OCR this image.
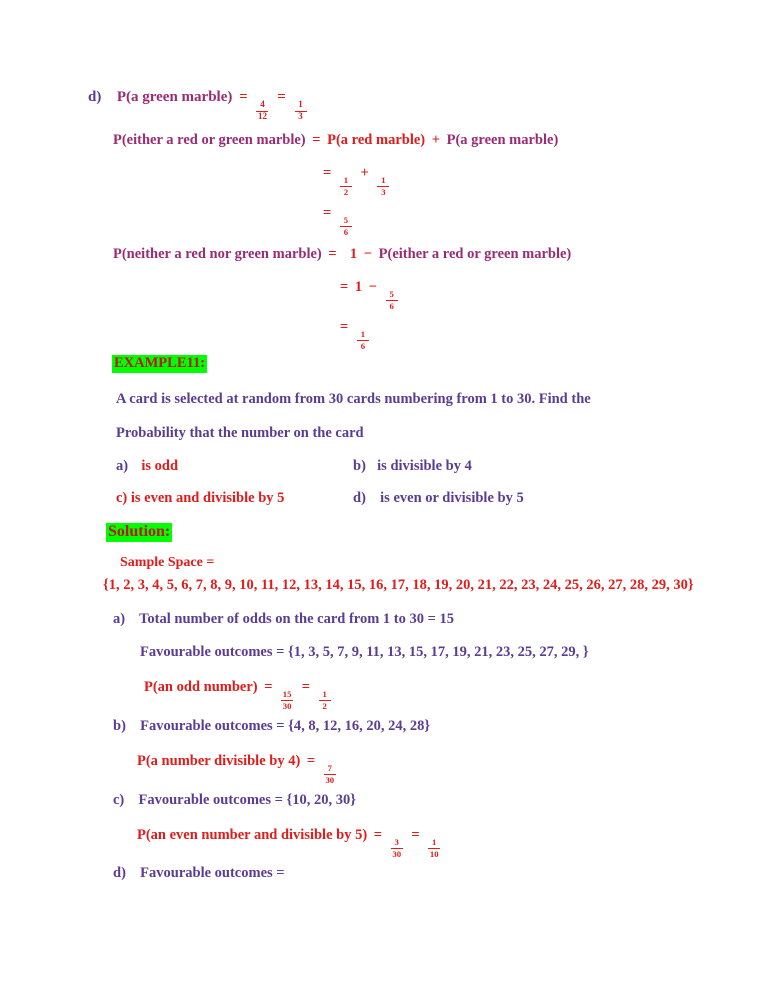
d) P(a green marble) =
$\frac{4}{12}$
=
$\frac{1}{3}$
P(either a red or green marble) = P(a red marble) + P(a green marble)
=
$\frac{1}{2}$
+
$\frac{1}{3}$
=
$\frac{5}{6}$
P(neither a red nor green marble) = 1 − P(either a red or green marble)
= 1 −
$\frac{5}{6}$
=
$\frac{1}{6}$
EXAMPLE11:
A card is selected at random from 30 cards numbering from 1 to 30. Find the
Probability that the number on the card
a) is odd	b) is divisible by 4
c) is even and divisible by 5	d) is even or divisible by 5
Solution:
Sample Space =
{1, 2, 3, 4, 5, 6, 7, 8, 9, 10, 11, 12, 13, 14, 15, 16, 17, 18, 19, 20, 21, 22, 23, 24, 25, 26, 27, 28, 29, 30}
a) Total number of odds on the card from 1 to 30 = 15
Favourable outcomes = {1, 3, 5, 7, 9, 11, 13, 15, 17, 19, 21, 23, 25, 27, 29, }
P(an odd number) =
$\frac{15}{30}$
=
$\frac{1}{2}$
b) Favourable outcomes = {4, 8, 12, 16, 20, 24, 28}
P(a number divisible by 4) =
$\frac{7}{30}$
c) Favourable outcomes = {10, 20, 30}
P(an even number and divisible by 5) =
$\frac{3}{30}$
=
$\frac{1}{10}$
d) Favourable outcomes =
